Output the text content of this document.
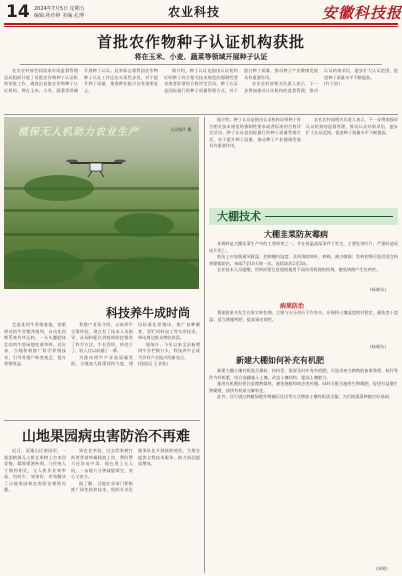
14 2024年7月5日 星期五
编辑:孙沙婷 美编:孔博	农业科技	安徽科技报
首批农作物种子认证机构获批
将在玉米、小麦、蔬菜等领域开展种子认证

农业农村部会同国家市场监督管理总局组织开展了首批农作物种子认证机构审批工作，遴选出首批农作物种子认证机构，将在玉米、小麦、蔬菜等领域开展种子认证。此举标志着我国农作物种子认证工作迈出实质性步伐，对于提升种子质量、推进种业振兴具有重要意义。

据介绍，种子认证是指由认证机构证明种子符合相关技术规范的强制性要求或者标准的合格评定活动。种子认证是国际通行的种子质量管理方式，对于提升种子质量、推动种子产业健康发展具有重要作用。

农业农村部相关负责人表示，下一步将加强对认证机构的监督管理，推动认证结果采信，逐步扩大认证范围，促进种子质量水平不断提高。

(许子怡)
植保无人机助力农业生产	人民图片 摄
科技养牛成时尚

走进某肉牛养殖基地，宽敞明亮的牛舍整齐排列，自动化饲喂系统有序运转，一头头膘肥体壮的肉牛悠闲地吃着草料。近年来，当地积极推广科学养殖技术，引导养殖户转变观念，提升养殖效益。

养殖户老张介绍，以前养牛全靠经验，现在有了技术人员指导，从饲料配比到疫病防控都有了科学方法，牛长得快，病也少了，收入比以前翻了一番。

为推动肉牛产业高质量发展，当地加大政策扶持力度，建设标准化养殖场，推广良种繁育、青贮饲料加工等实用技术，带动周边群众增收致富。

据统计，今年以来全县新增肉牛存栏数万头，科技养牛正成为乡村产业振兴的新亮点。

(钱思远 王亚欣)
山地果园病虫害防治不再难

近日，某地山区果园里，一架架植保无人机在果树上空来回穿梭，精准喷洒药剂。与传统人工喷药相比，无人机作业效率高、用药少、效果好，有效解决了山地果园病虫害防治难的问题。

果农老李说，过去给果树打药要背着药桶爬坡上坎，费时费力还容易中毒，现在用上无人机，一亩地几分钟就能喷完，省心又省力。

据了解，当地农业部门积极推广绿色防控技术，组织专业化服务队伍开展统防统治，为果农提供全程技术服务，助力果品提质增效。

据介绍，种子认证是指由认证机构证明种子符合相关技术规范的强制性要求或者标准的合格评定活动。种子认证是国际通行的种子质量管理方式，对于提升种子质量、推动种子产业健康发展具有重要作用。

农业农村部相关负责人表示，下一步将加强对认证机构的监督管理，推动认证结果采信，逐步扩大认证范围，促进种子质量水平不断提高。

大棚技术
大棚韭菜防灰霉病

灰霉病是大棚韭菜生产中的主要病害之一，多在低温高湿条件下发生，主要危害叶片，严重时造成成片死亡。

防治上应加强通风排湿，控制棚内湿度；及时清除病叶、病株，减少菌源；发病初期可选用适宜药剂喷雾防治，每隔7至10天喷一次，连续防治2至3次。

农业技术人员提醒，用药时要注意轮换使用不同作用机理的药剂，避免病菌产生抗药性。

(杨晓东)
病果防治

番茄裂果多发生在果实转色期，主要与水分供应不均有关。应保持土壤湿度相对稳定，避免忽干忽湿；适当增施钙肥，提高果皮韧性。

(杨晓东)
新建大棚如何补充有机肥

新建大棚土壤有机质含量低、结构差，需要及时补充有机肥。可选用充分腐熟的畜禽粪便、秸秆等作为有机肥，结合深翻施入土壤，改良土壤结构，提高土壤肥力。

施用有机肥时要注意腐熟彻底，避免烧根和病虫害传播。同时可配合施用生物菌肥，促进有益微生物繁殖，加快有机质分解转化。

此外，还可通过种植绿肥作物翻压还田等方式增加土壤有机质含量，为后续蔬菜种植打好基础。

(周婷)
